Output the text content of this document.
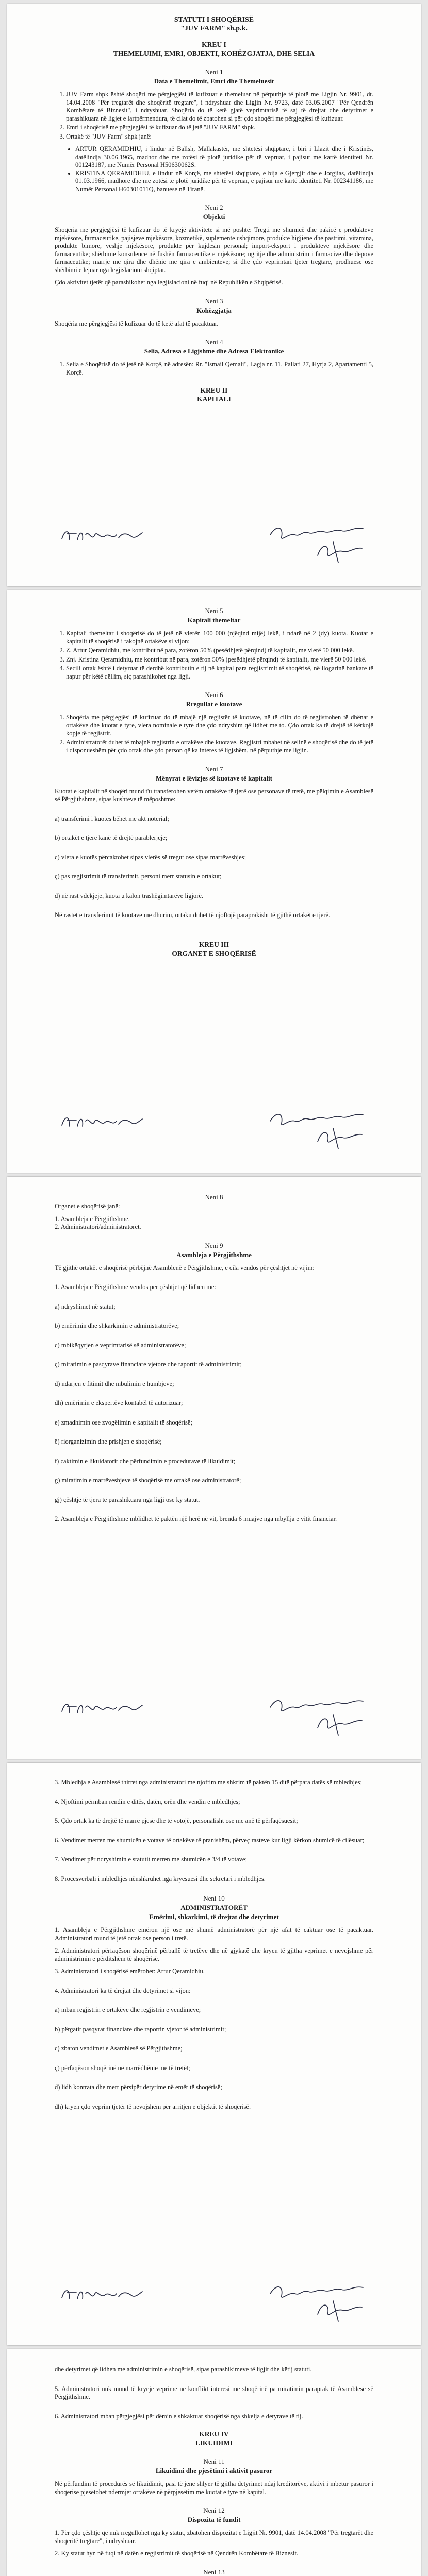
STATUTI I SHOQËRISË
"JUV FARM" sh.p.k.
KREU I
THEMELUIMI, EMRI, OBJEKTI, KOHËZGJATJA, DHE SELIA
Neni 1
Data e Themelimit, Emri dhe Themeluesit
1. JUV Farm shpk është shoqëri me përgjegjësi të kufizuar e themeluar në përputhje të plotë me Ligjin Nr. 9901, dt. 14.04.2008 "Për tregtarët dhe shoqëritë tregtare", i ndryshuar dhe Ligjin Nr. 9723, datë 03.05.2007 "Për Qendrën Kombëtare të Biznesit", i ndryshuar. Shoqëria do të ketë gjatë veprimtarisë të saj të drejtat dhe detyrimet e parashikuara në ligjet e lartpërmendura, të cilat do të zbatohen si për çdo shoqëri me përgjegjësi të kufizuar.
2. Emri i shoqërisë me përgjegjësi të kufizuar do të jetë "JUV FARM" shpk.
3. Ortakë të "JUV Farm" shpk janë:
• ARTUR QERAMIDHIU, i lindur në Ballsh, Mallakastër, me shtetësi shqiptare, i biri i Llazit dhe i Kristinës, datëlindja 30.06.1965, madhor dhe me zotësi të plotë juridike për të vepruar, i pajisur me kartë identiteti Nr. 001243187, me Numër Personal H50630062S.
• KRISTINA QERAMIDHIU, e lindur në Korçë, me shtetësi shqiptare, e bija e Gjergjit dhe e Jorgjias, datëlindja 01.03.1966, madhore dhe me zotësi të plotë juridike për të vepruar, e pajisur me kartë identiteti Nr. 002341186, me Numër Personal H60301011Q, banuese në Tiranë.
Neni 2
Objekti

Shoqëria me përgjegjësi të kufizuar do të kryejë aktivitete si më poshtë: Tregti me shumicë dhe pakicë e produkteve mjekësore, farmaceutike, pajisjeve mjekësore, kozmetikë, suplemente ushqimore, produkte higjiene dhe pastrimi, vitamina, produkte bimore, veshje mjekësore, produkte për kujdesin personal; import-eksport i produkteve mjekësore dhe farmaceutike; shërbime konsulence në fushën farmaceutike e mjekësore; ngritje dhe administrim i farmacive dhe depove farmaceutike; marrje me qira dhe dhënie me qira e ambienteve; si dhe çdo veprimtari tjetër tregtare, prodhuese ose shërbimi e lejuar nga legjislacioni shqiptar.

Çdo aktivitet tjetër që parashikohet nga legjislacioni në fuqi në Republikën e Shqipërisë.

Neni 3
Kohëzgjatja

Shoqëria me përgjegjësi të kufizuar do të ketë afat të pacaktuar.

Neni 4
Selia, Adresa e Ligjshme dhe Adresa Elektronike
1. Selia e Shoqërisë do të jetë në Korçë, në adresën: Rr. "Ismail Qemali", Lagja nr. 11, Pallati 27, Hyrja 2, Apartamenti 5, Korçë.
KREU II
KAPITALI
Neni 5
Kapitali themeltar
1. Kapitali themeltar i shoqërisë do të jetë në vlerën 100 000 (njëqind mijë) lekë, i ndarë në 2 (dy) kuota. Kuotat e kapitalit të shoqërisë i takojnë ortakëve si vijon:
2. Z. Artur Qeramidhiu, me kontribut në para, zotëron 50% (pesëdhjetë përqind) të kapitalit, me vlerë 50 000 lekë.
3. Znj. Kristina Qeramidhiu, me kontribut në para, zotëron 50% (pesëdhjetë përqind) të kapitalit, me vlerë 50 000 lekë.
4. Secili ortak është i detyruar të derdhë kontributin e tij në kapital para regjistrimit të shoqërisë, në llogarinë bankare të hapur për këtë qëllim, siç parashikohet nga ligji.
Neni 6
Rregullat e kuotave
1. Shoqëria me përgjegjësi të kufizuar do të mbajë një regjistër të kuotave, në të cilin do të regjistrohen të dhënat e ortakëve dhe kuotat e tyre, vlera nominale e tyre dhe çdo ndryshim që lidhet me to. Çdo ortak ka të drejtë të kërkojë kopje të regjistrit.
2. Administratorët duhet të mbajnë regjistrin e ortakëve dhe kuotave. Regjistri mbahet në selinë e shoqërisë dhe do të jetë i disponueshëm për çdo ortak dhe çdo person që ka interes të ligjshëm, në përputhje me ligjin.
Neni 7
Mënyrat e lëvizjes së kuotave të kapitalit

Kuotat e kapitalit në shoqëri mund t'u transferohen vetëm ortakëve të tjerë ose personave të tretë, me pëlqimin e Asamblesë së Përgjithshme, sipas kushteve të mëposhtme:

a) transferimi i kuotës bëhet me akt noterial;
b) ortakët e tjerë kanë të drejtë parablerjeje;
c) vlera e kuotës përcaktohet sipas vlerës së tregut ose sipas marrëveshjes;
ç) pas regjistrimit të transferimit, personi merr statusin e ortakut;
d) në rast vdekjeje, kuota u kalon trashëgimtarëve ligjorë.

Në rastet e transferimit të kuotave me dhurim, ortaku duhet të njoftojë paraprakisht të gjithë ortakët e tjerë.

KREU III
ORGANET E SHOQËRISË
Neni 8

Organet e shoqërisë janë:

1. Asambleja e Përgjithshme.
2. Administratori/administratorët.
Neni 9
Asambleja e Përgjithshme

Të gjithë ortakët e shoqërisë përbëjnë Asamblenë e Përgjithshme, e cila vendos për çështjet në vijim:

1. Asambleja e Përgjithshme vendos për çështjet që lidhen me:

a) ndryshimet në statut;
b) emërimin dhe shkarkimin e administratorëve;
c) mbikëqyrjen e veprimtarisë së administratorëve;
ç) miratimin e pasqyrave financiare vjetore dhe raportit të administrimit;
d) ndarjen e fitimit dhe mbulimin e humbjeve;
dh) emërimin e ekspertëve kontabël të autorizuar;
e) zmadhimin ose zvogëlimin e kapitalit të shoqërisë;
ë) riorganizimin dhe prishjen e shoqërisë;
f) caktimin e likuidatorit dhe përfundimin e procedurave të likuidimit;
g) miratimin e marrëveshjeve të shoqërisë me ortakë ose administratorë;
gj) çështje të tjera të parashikuara nga ligji ose ky statut.

2. Asambleja e Përgjithshme mblidhet të paktën një herë në vit, brenda 6 muajve nga mbyllja e vitit financiar.

3. Mbledhja e Asamblesë thirret nga administratori me njoftim me shkrim të paktën 15 ditë përpara datës së mbledhjes;
4. Njoftimi përmban rendin e ditës, datën, orën dhe vendin e mbledhjes;
5. Çdo ortak ka të drejtë të marrë pjesë dhe të votojë, personalisht ose me anë të përfaqësuesit;
6. Vendimet merren me shumicën e votave të ortakëve të pranishëm, përveç rasteve kur ligji kërkon shumicë të cilësuar;
7. Vendimet për ndryshimin e statutit merren me shumicën e 3/4 të votave;
8. Procesverbali i mbledhjes nënshkruhet nga kryesuesi dhe sekretari i mbledhjes.
Neni 10
ADMINISTRATORËT
Emërimi, shkarkimi, të drejtat dhe detyrimet

1. Asambleja e Përgjithshme emëron një ose më shumë administratorë për një afat të caktuar ose të pacaktuar. Administratori mund të jetë ortak ose person i tretë.

2. Administratori përfaqëson shoqërinë përballë të tretëve dhe në gjykatë dhe kryen të gjitha veprimet e nevojshme për administrimin e përditshëm të shoqërisë.

3. Administratori i shoqërisë emërohet: Artur Qeramidhiu.

4. Administratori ka të drejtat dhe detyrimet si vijon:

a) mban regjistrin e ortakëve dhe regjistrin e vendimeve;
b) përgatit pasqyrat financiare dhe raportin vjetor të administrimit;
c) zbaton vendimet e Asamblesë së Përgjithshme;
ç) përfaqëson shoqërinë në marrëdhënie me të tretët;
d) lidh kontrata dhe merr përsipër detyrime në emër të shoqërisë;
dh) kryen çdo veprim tjetër të nevojshëm për arritjen e objektit të shoqërisë.

dhe detyrimet që lidhen me administrimin e shoqërisë, sipas parashikimeve të ligjit dhe këtij statuti.

5. Administratori nuk mund të kryejë veprime në konflikt interesi me shoqërinë pa miratimin paraprak të Asamblesë së Përgjithshme.

6. Administratori mban përgjegjësi për dëmin e shkaktuar shoqërisë nga shkelja e detyrave të tij.

KREU IV
LIKUIDIMI
Neni 11
Likuidimi dhe pjesëtimi i aktivit pasuror

Në përfundim të procedurës së likuidimit, pasi të jenë shlyer të gjitha detyrimet ndaj kreditorëve, aktivi i mbetur pasuror i shoqërisë pjesëtohet ndërmjet ortakëve në përpjesëtim me kuotat e tyre në kapital.

Neni 12
Dispozita të fundit

1. Për çdo çështje që nuk rregullohet nga ky statut, zbatohen dispozitat e Ligjit Nr. 9901, datë 14.04.2008 "Për tregtarët dhe shoqëritë tregtare", i ndryshuar.

2. Ky statut hyn në fuqi në datën e regjistrimit të shoqërisë në Qendrën Kombëtare të Biznesit.

Neni 13
